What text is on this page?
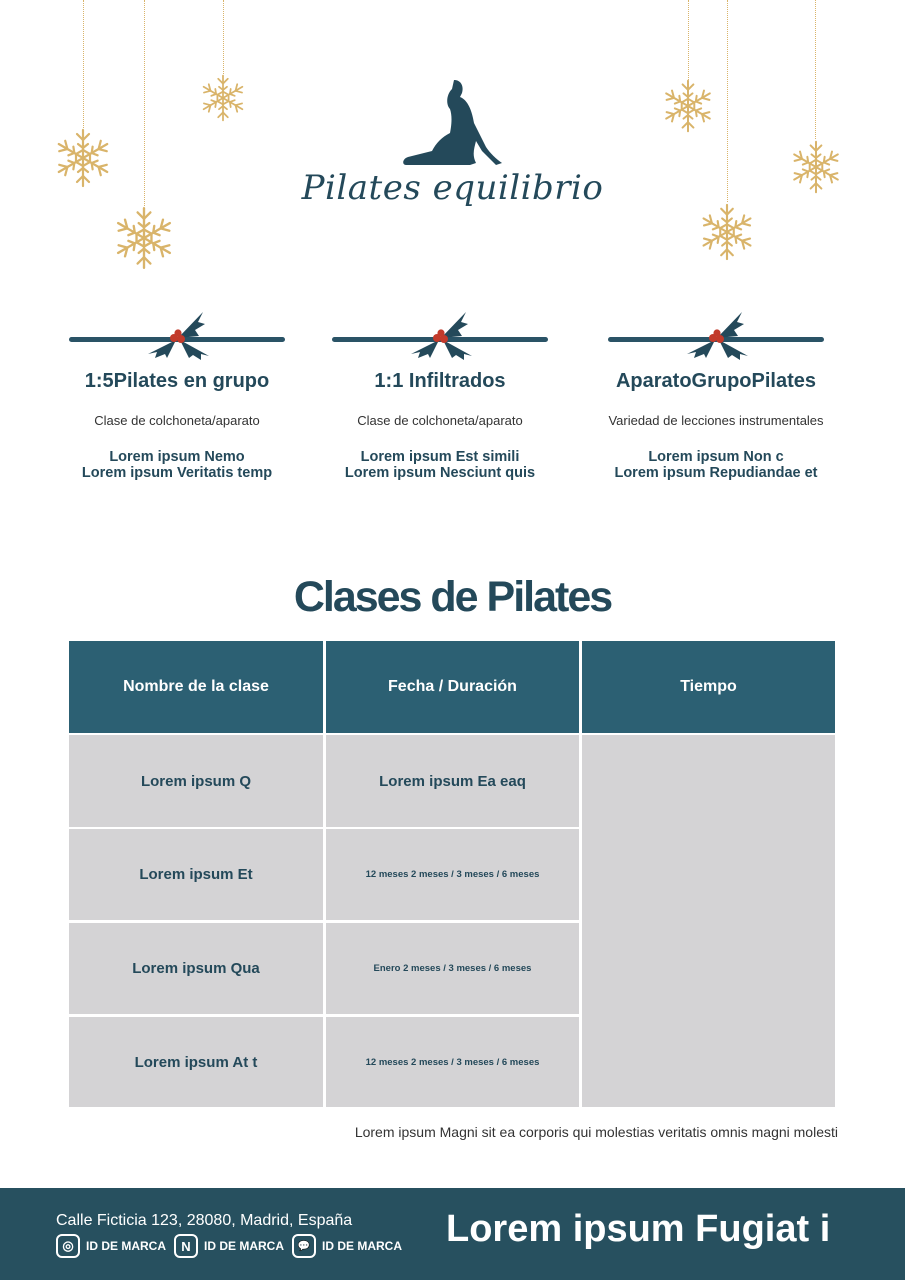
Pilates equilibrio
1:5Pilates en grupo
Clase de colchoneta/aparato
Lorem ipsum Nemo
Lorem ipsum Veritatis temp
1:1 Infiltrados
Clase de colchoneta/aparato
Lorem ipsum Est simili
Lorem ipsum Nesciunt quis
AparatoGrupoPilates
Variedad de lecciones instrumentales
Lorem ipsum Non c
Lorem ipsum Repudiandae et
Clases de Pilates
Nombre de la clase	Fecha / Duración	Tiempo
Lorem ipsum Q	Lorem ipsum Ea eaq
Lorem ipsum Et	12 meses 2 meses / 3 meses / 6 meses
Lorem ipsum Qua	Enero 2 meses / 3 meses / 6 meses
Lorem ipsum At t	12 meses 2 meses / 3 meses / 6 meses
Lorem ipsum Magni sit ea corporis qui molestias veritatis omnis magni molesti
Calle Ficticia 123, 28080, Madrid, España
◎	ID DE MARCA	N	ID DE MARCA	💬 ID DE MARCA Lorem ipsum Fugiat i
